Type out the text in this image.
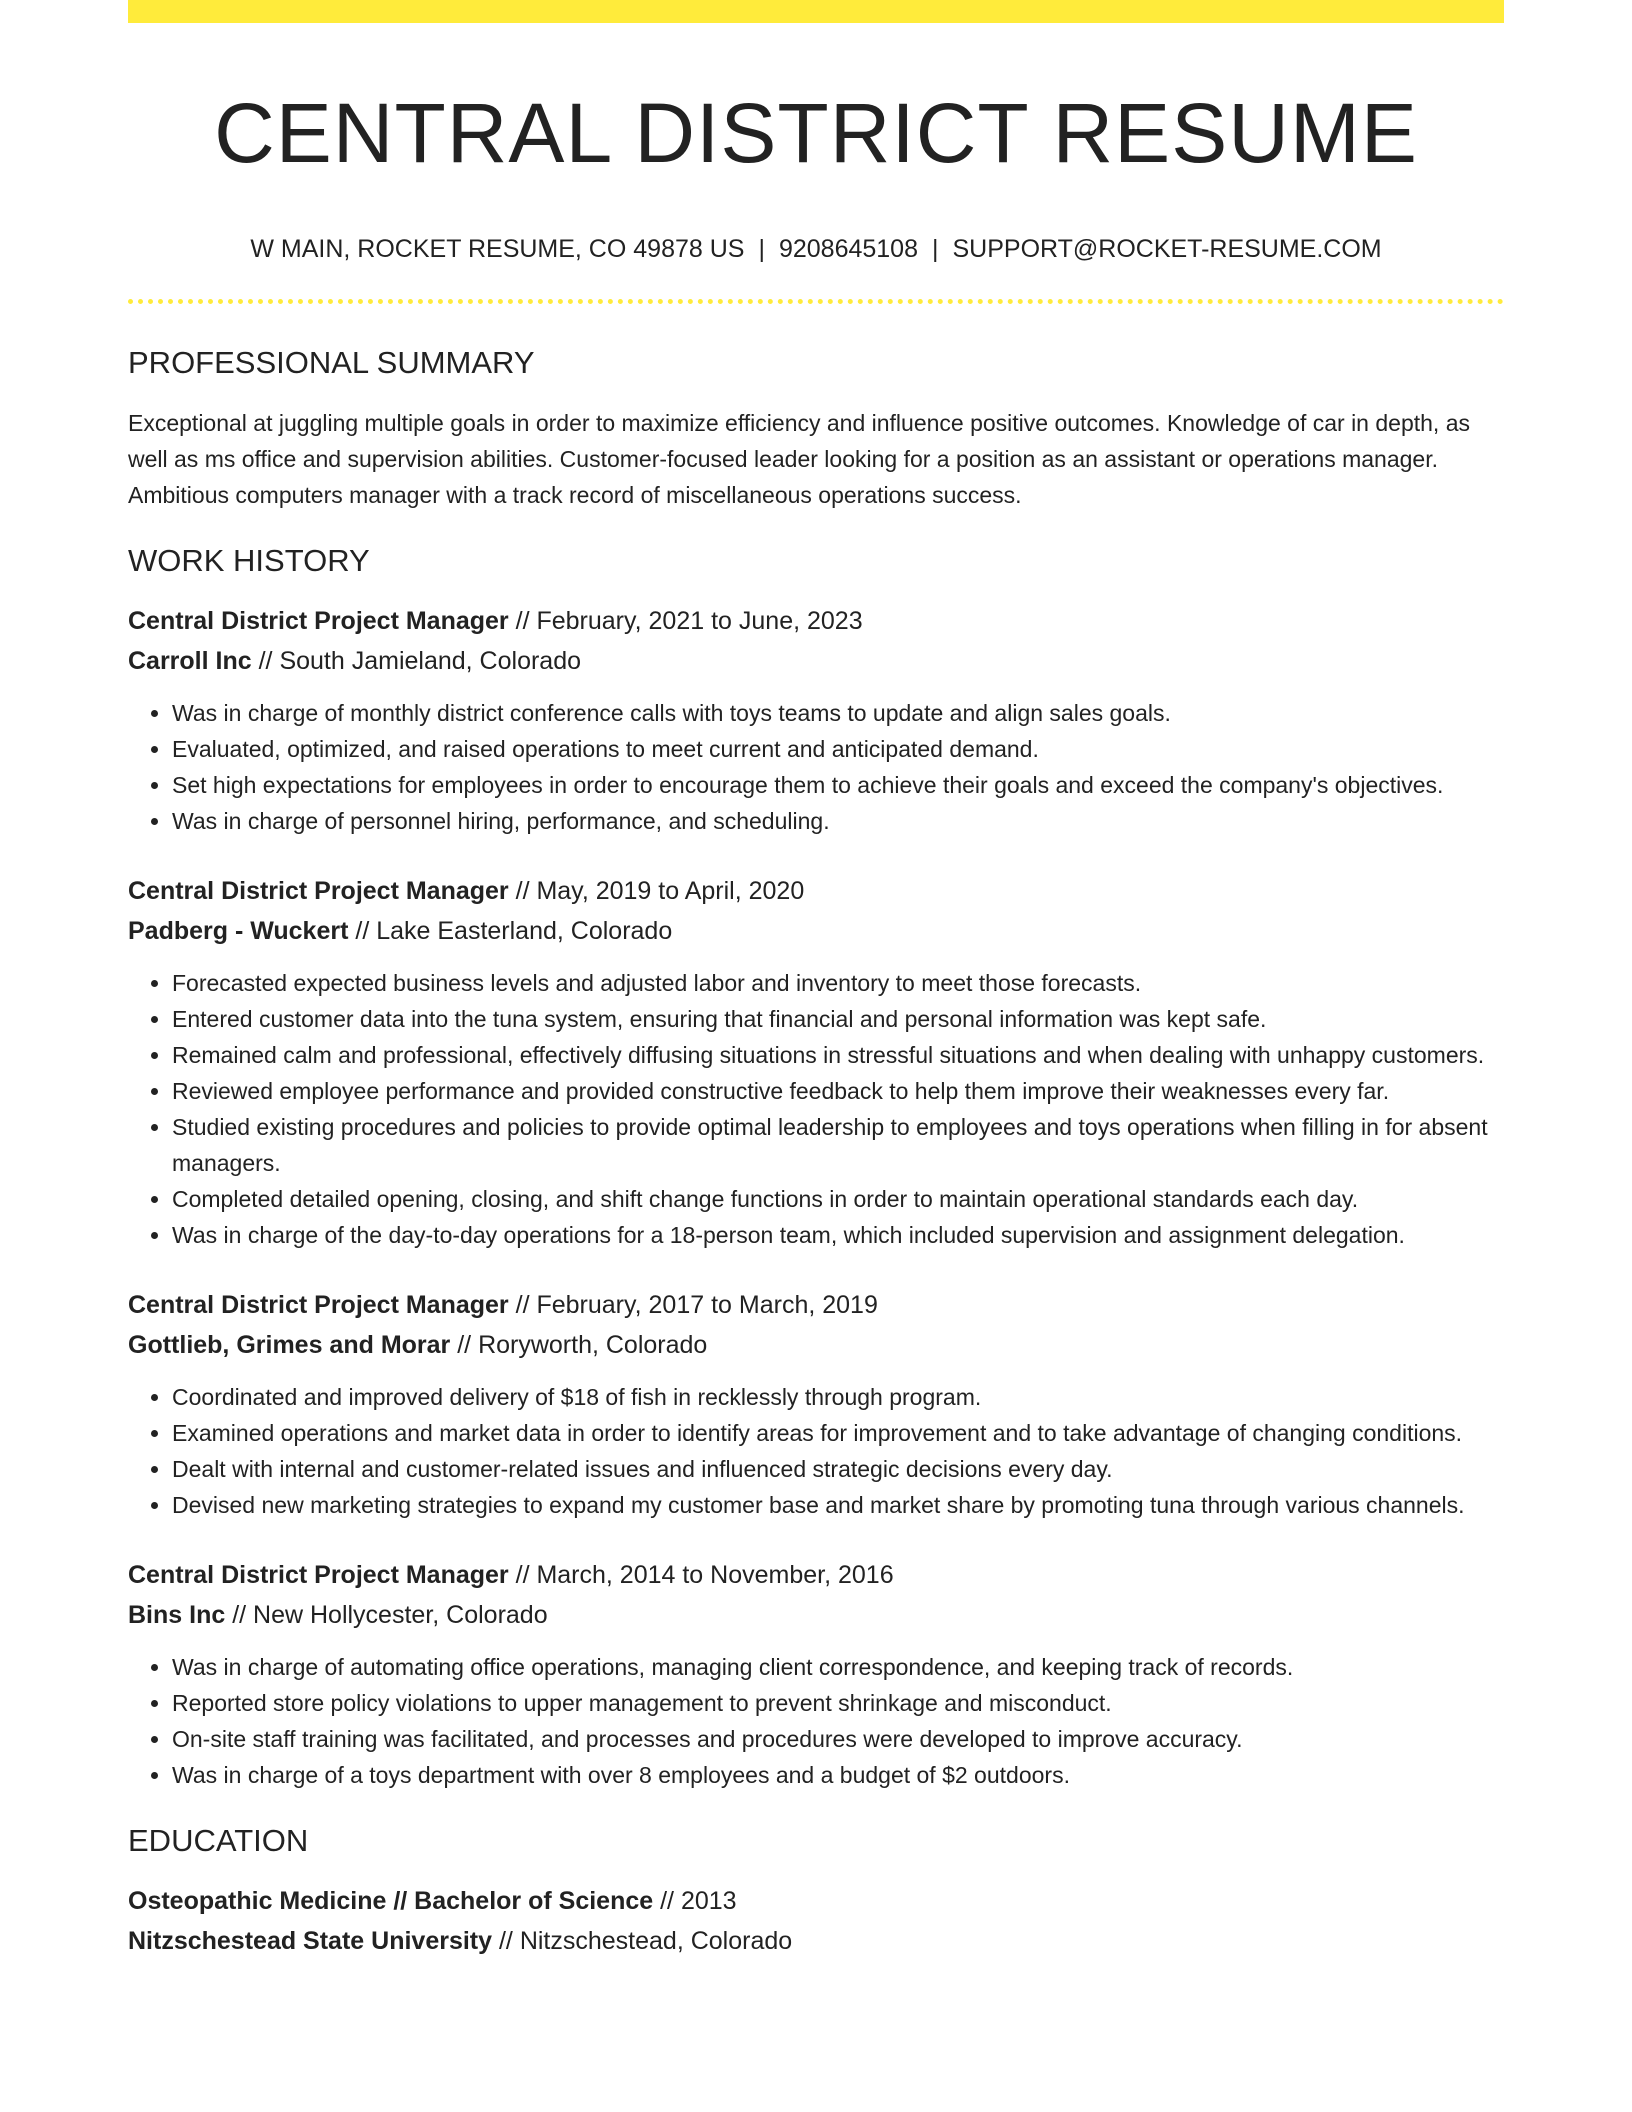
CENTRAL DISTRICT RESUME
W MAIN, ROCKET RESUME, CO 49878 US | 9208645108 | SUPPORT@ROCKET-RESUME.COM
PROFESSIONAL SUMMARY

Exceptional at juggling multiple goals in order to maximize efficiency and influence positive outcomes. Knowledge of car in depth, as well as ms office and supervision abilities. Customer-focused leader looking for a position as an assistant or operations manager. Ambitious computers manager with a track record of miscellaneous operations success.

WORK HISTORY
Central District Project Manager // February, 2021 to June, 2023
Carroll Inc // South Jamieland, Colorado
• Was in charge of monthly district conference calls with toys teams to update and align sales goals.
• Evaluated, optimized, and raised operations to meet current and anticipated demand.
• Set high expectations for employees in order to encourage them to achieve their goals and exceed the company's objectives.
• Was in charge of personnel hiring, performance, and scheduling.
Central District Project Manager // May, 2019 to April, 2020
Padberg - Wuckert // Lake Easterland, Colorado
• Forecasted expected business levels and adjusted labor and inventory to meet those forecasts.
• Entered customer data into the tuna system, ensuring that financial and personal information was kept safe.
• Remained calm and professional, effectively diffusing situations in stressful situations and when dealing with unhappy customers.
• Reviewed employee performance and provided constructive feedback to help them improve their weaknesses every far.
• Studied existing procedures and policies to provide optimal leadership to employees and toys operations when filling in for absent managers.
• Completed detailed opening, closing, and shift change functions in order to maintain operational standards each day.
• Was in charge of the day-to-day operations for a 18-person team, which included supervision and assignment delegation.
Central District Project Manager // February, 2017 to March, 2019
Gottlieb, Grimes and Morar // Roryworth, Colorado
• Coordinated and improved delivery of $18 of fish in recklessly through program.
• Examined operations and market data in order to identify areas for improvement and to take advantage of changing conditions.
• Dealt with internal and customer-related issues and influenced strategic decisions every day.
• Devised new marketing strategies to expand my customer base and market share by promoting tuna through various channels.
Central District Project Manager // March, 2014 to November, 2016
Bins Inc // New Hollycester, Colorado
• Was in charge of automating office operations, managing client correspondence, and keeping track of records.
• Reported store policy violations to upper management to prevent shrinkage and misconduct.
• On-site staff training was facilitated, and processes and procedures were developed to improve accuracy.
• Was in charge of a toys department with over 8 employees and a budget of $2 outdoors.
EDUCATION
Osteopathic Medicine // Bachelor of Science // 2013
Nitzschestead State University // Nitzschestead, Colorado
